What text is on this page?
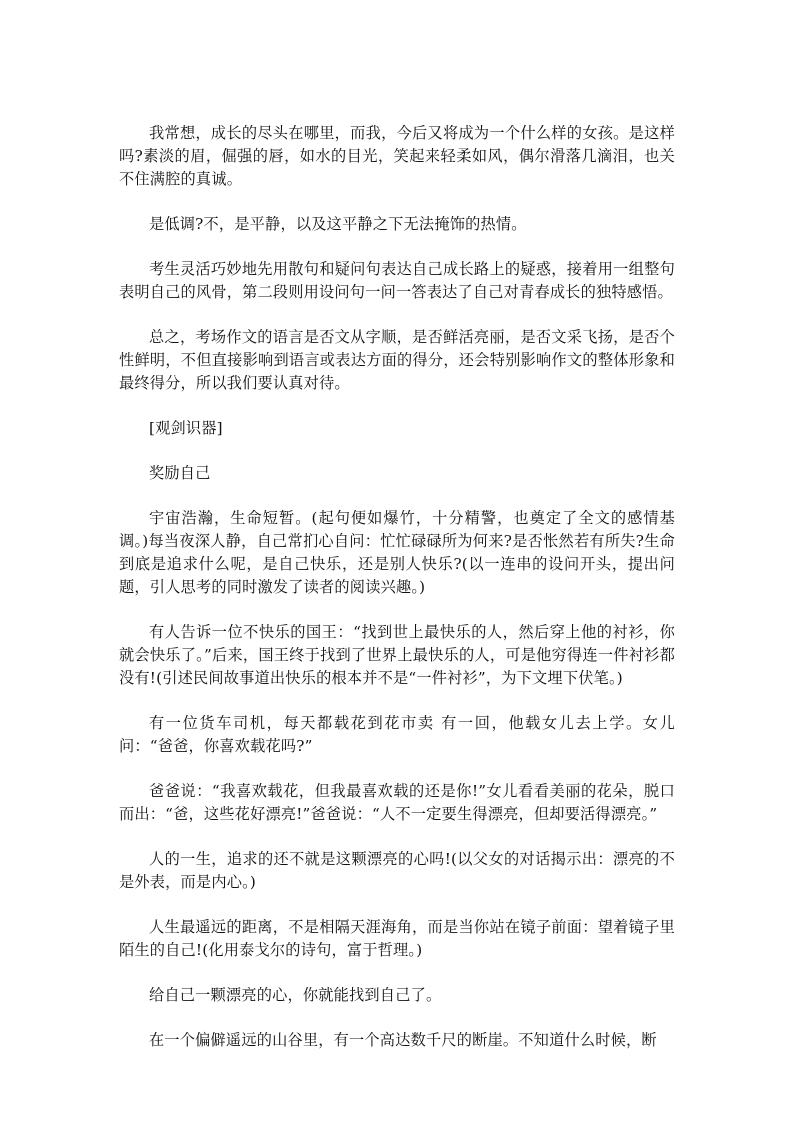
我常想，成长的尽头在哪里，而我，今后又将成为一个什么样的女孩。是这样吗?素淡的眉，倔强的唇，如水的目光，笑起来轻柔如风，偶尔滑落几滴泪，也关不住满腔的真诚。

是低调?不，是平静，以及这平静之下无法掩饰的热情。

考生灵活巧妙地先用散句和疑问句表达自己成长路上的疑惑，接着用一组整句表明自己的风骨，第二段则用设问句一问一答表达了自己对青春成长的独特感悟。

总之，考场作文的语言是否文从字顺，是否鲜活亮丽，是否文采飞扬，是否个性鲜明，不但直接影响到语言或表达方面的得分，还会特别影响作文的整体形象和最终得分，所以我们要认真对待。

[观剑识器]

奖励自己

宇宙浩瀚，生命短暂。(起句便如爆竹，十分精警，也奠定了全文的感情基调。)每当夜深人静，自己常扪心自问：忙忙碌碌所为何来?是否怅然若有所失?生命到底是追求什么呢，是自己快乐，还是别人快乐?(以一连串的设问开头，提出问题，引人思考的同时激发了读者的阅读兴趣。)

有人告诉一位不快乐的国王：“找到世上最快乐的人，然后穿上他的衬衫，你就会快乐了。”后来，国王终于找到了世界上最快乐的人，可是他穷得连一件衬衫都没有!(引述民间故事道出快乐的根本并不是“一件衬衫”，为下文埋下伏笔。)

有一位货车司机，每天都载花到花市卖 有一回，他载女儿去上学。女儿问：“爸爸，你喜欢载花吗?”

爸爸说：“我喜欢载花，但我最喜欢载的还是你!”女儿看看美丽的花朵，脱口而出：“爸，这些花好漂亮!”爸爸说：“人不一定要生得漂亮，但却要活得漂亮。”

人的一生，追求的还不就是这颗漂亮的心吗!(以父女的对话揭示出：漂亮的不是外表，而是内心。)

人生最遥远的距离，不是相隔天涯海角，而是当你站在镜子前面：望着镜子里陌生的自己!(化用泰戈尔的诗句，富于哲理。)

给自己一颗漂亮的心，你就能找到自己了。

在一个偏僻遥远的山谷里，有一个高达数千尺的断崖。不知道什么时候，断
